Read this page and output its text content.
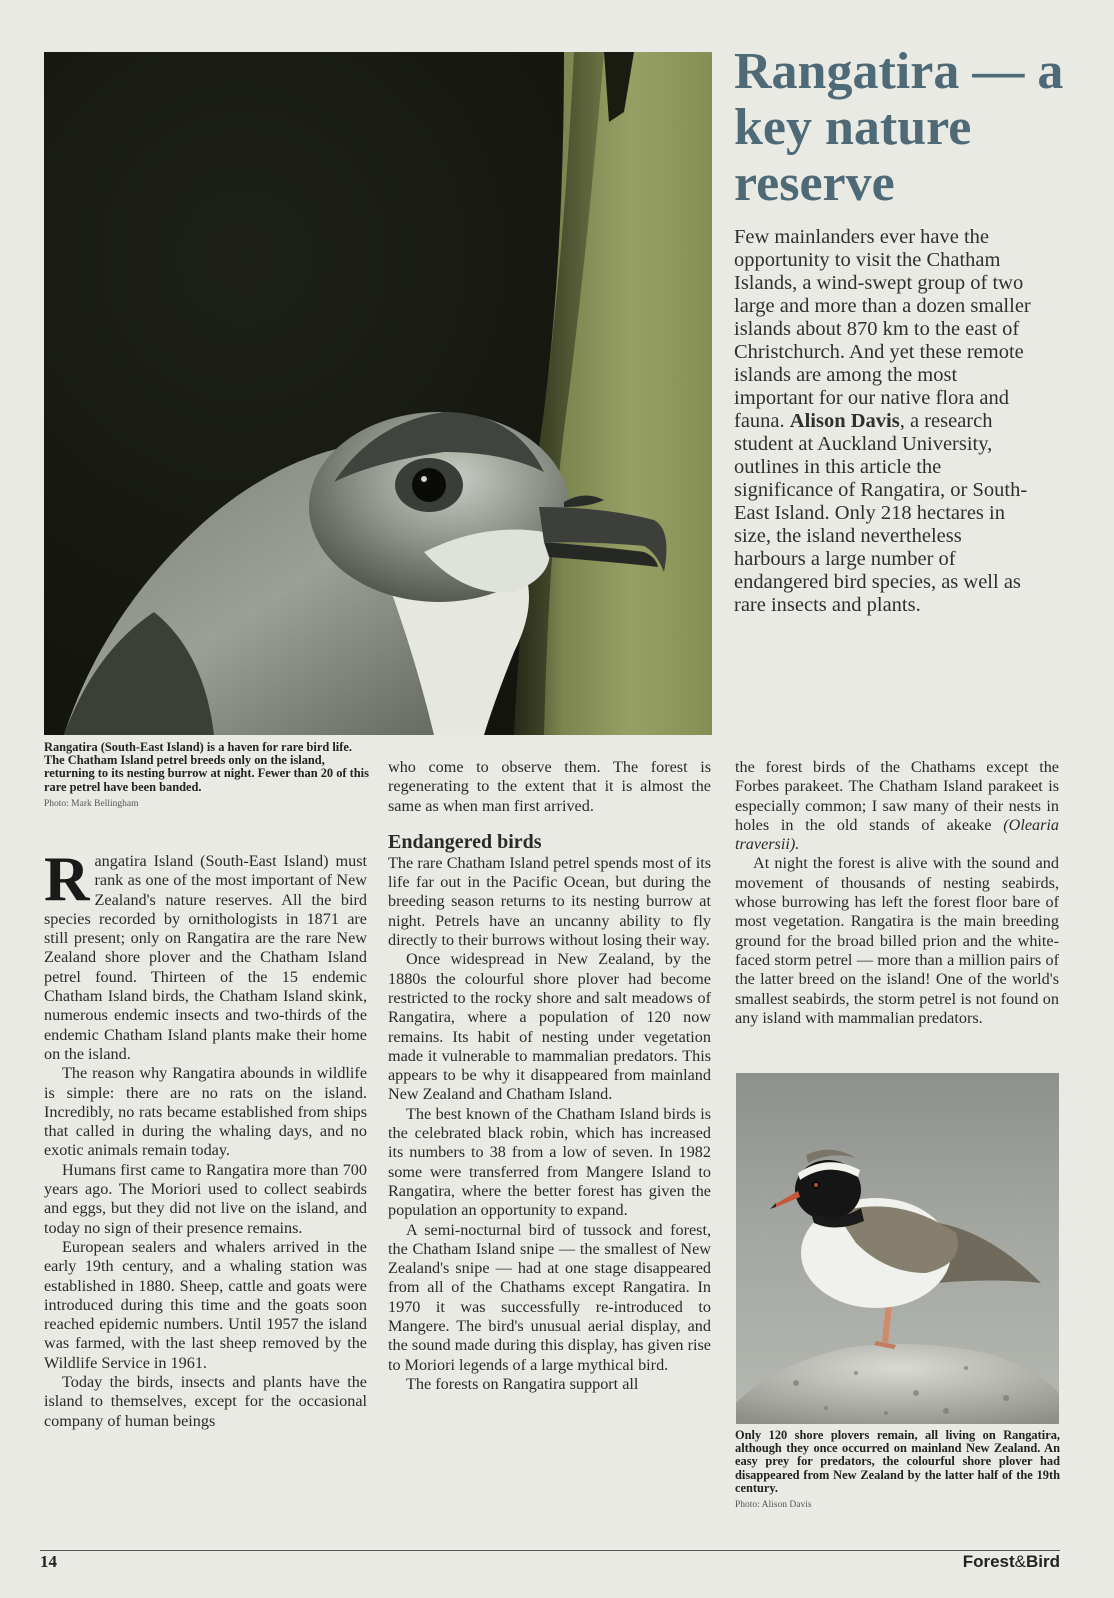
Rangatira (South-East Island) is a haven for rare bird life. The Chatham Island petrel breeds only on the island, returning to its nesting burrow at night. Fewer than 20 of this rare petrel have been banded.
Photo: Mark Bellingham
Rangatira — a key nature reserve

Few mainlanders ever have the opportunity to visit the Chatham Islands, a wind-swept group of two large and more than a dozen smaller islands about 870 km to the east of Christchurch. And yet these remote islands are among the most important for our native flora and fauna. Alison Davis, a research student at Auckland University, outlines in this article the significance of Rangatira, or South-East Island. Only 218 hectares in size, the island nevertheless harbours a large number of endangered bird species, as well as rare insects and plants.

Rangatira Island (South-East Island) must rank as one of the most important of New Zealand's nature reserves. All the bird species recorded by ornithologists in 1871 are still present; only on Rangatira are the rare New Zealand shore plover and the Chatham Island petrel found. Thirteen of the 15 endemic Chatham Island birds, the Chatham Island skink, numerous endemic insects and two-thirds of the endemic Chatham Island plants make their home on the island.

The reason why Rangatira abounds in wildlife is simple: there are no rats on the island. Incredibly, no rats became established from ships that called in during the whaling days, and no exotic animals remain today.

Humans first came to Rangatira more than 700 years ago. The Moriori used to collect seabirds and eggs, but they did not live on the island, and today no sign of their presence remains.

European sealers and whalers arrived in the early 19th century, and a whaling station was established in 1880. Sheep, cattle and goats were introduced during this time and the goats soon reached epidemic numbers. Until 1957 the island was farmed, with the last sheep removed by the Wildlife Service in 1961.

Today the birds, insects and plants have the island to themselves, except for the occasional company of human beings

who come to observe them. The forest is regenerating to the extent that it is almost the same as when man first arrived.

Endangered birds

The rare Chatham Island petrel spends most of its life far out in the Pacific Ocean, but during the breeding season returns to its nesting burrow at night. Petrels have an uncanny ability to fly directly to their burrows without losing their way.

Once widespread in New Zealand, by the 1880s the colourful shore plover had become restricted to the rocky shore and salt meadows of Rangatira, where a population of 120 now remains. Its habit of nesting under vegetation made it vulnerable to mammalian predators. This appears to be why it disappeared from mainland New Zealand and Chatham Island.

The best known of the Chatham Island birds is the celebrated black robin, which has increased its numbers to 38 from a low of seven. In 1982 some were transferred from Mangere Island to Rangatira, where the better forest has given the population an opportunity to expand.

A semi-nocturnal bird of tussock and forest, the Chatham Island snipe — the smallest of New Zealand's snipe — had at one stage disappeared from all of the Chathams except Rangatira. In 1970 it was successfully re-introduced to Mangere. The bird's unusual aerial display, and the sound made during this display, has given rise to Moriori legends of a large mythical bird.

The forests on Rangatira support all

the forest birds of the Chathams except the Forbes parakeet. The Chatham Island parakeet is especially common; I saw many of their nests in holes in the old stands of akeake (Olearia traversii).

At night the forest is alive with the sound and movement of thousands of nesting seabirds, whose burrowing has left the forest floor bare of most vegetation. Rangatira is the main breeding ground for the broad billed prion and the white-faced storm petrel — more than a million pairs of the latter breed on the island! One of the world's smallest seabirds, the storm petrel is not found on any island with mammalian predators.

Only 120 shore plovers remain, all living on Rangatira, although they once occurred on mainland New Zealand. An easy prey for predators, the colourful shore plover had disappeared from New Zealand by the latter half of the 19th century.
Photo: Alison Davis
14	Forest&Bird
